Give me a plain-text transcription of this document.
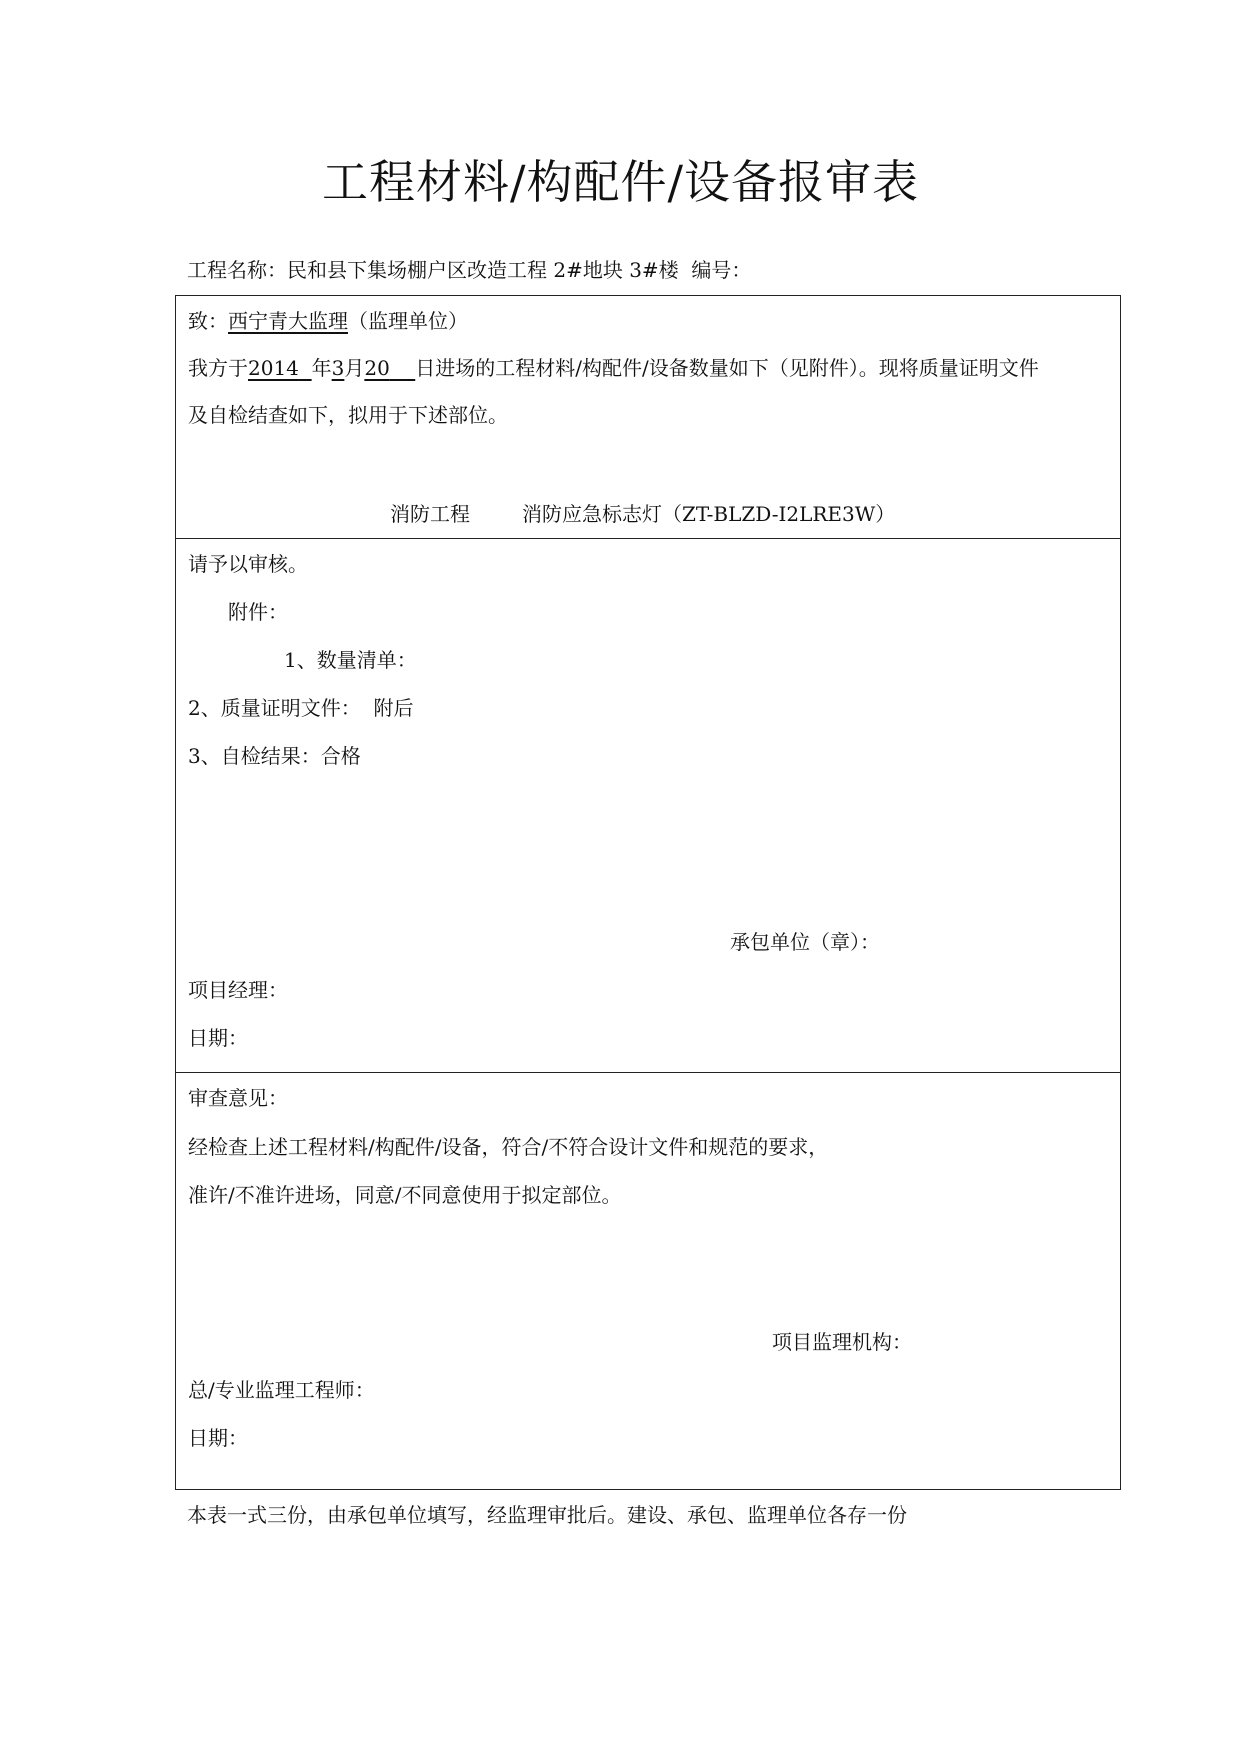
工程材料/构配件/设备报审表
工程名称：民和县下集场棚户区改造工程 2#地块 3#楼 编号：
致：西宁青大监理（监理单位）
我方于2014 年3月20 日进场的工程材料/构配件/设备数量如下（见附件）。现将质量证明文件
及自检结查如下，拟用于下述部位。
消防工程	消防应急标志灯（ZT-BLZD-I2LRE3W）
请予以审核。
附件：
1、数量清单：
2、质量证明文件： 附后
3、自检结果：合格
承包单位（章）：
项目经理：
日期：
审查意见：
经检查上述工程材料/构配件/设备，符合/不符合设计文件和规范的要求，
准许/不准许进场，同意/不同意使用于拟定部位。
项目监理机构：
总/专业监理工程师：
日期：
本表一式三份，由承包单位填写，经监理审批后。建设、承包、监理单位各存一份
